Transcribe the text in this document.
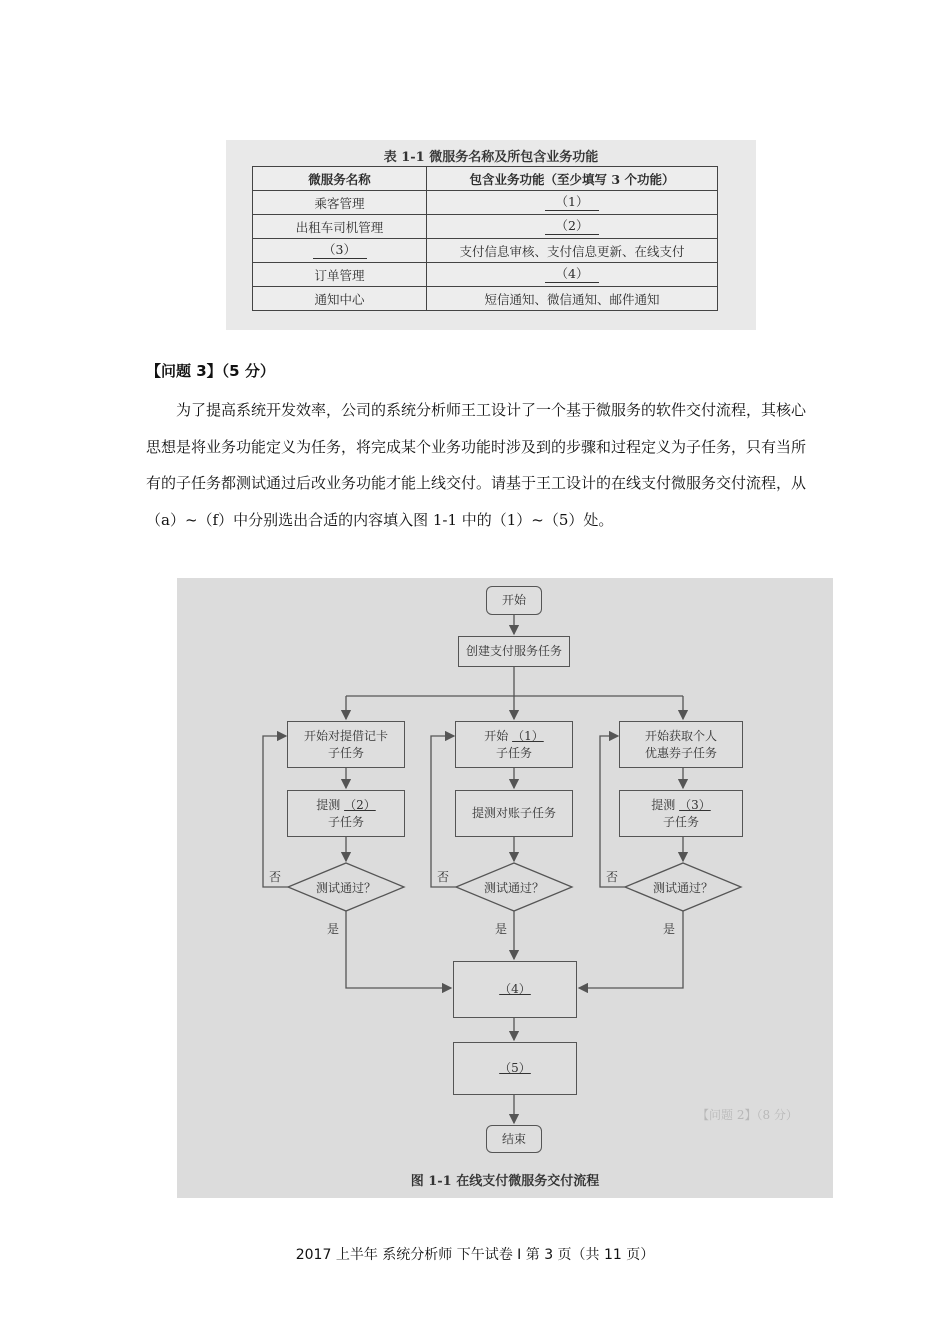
表 1-1 微服务名称及所包含业务功能
微服务名称	包含业务功能（至少填写 3 个功能）
乘客管理	（1）
出租车司机管理	（2）
（3）	支付信息审核、支付信息更新、在线支付
订单管理	（4）
通知中心	短信通知、微信通知、邮件通知
【问题 3】（5 分）

为了提高系统开发效率，公司的系统分析师王工设计了一个基于微服务的软件交付流程，其核心思想是将业务功能定义为任务，将完成某个业务功能时涉及到的步骤和过程定义为子任务，只有当所有的子任务都测试通过后改业务功能才能上线交付。请基于王工设计的在线支付微服务交付流程，从（a）~（f）中分别选出合适的内容填入图 1-1 中的（1）~（5）处。

【问题 2】（8 分）
开始
创建支付服务任务
开始对提借记卡
子任务
开始 （1）
子任务
开始获取个人
优惠券子任务
提测 （2）
子任务
提测对账子任务
提测 （3）
子任务
测试通过？	测试通过？	测试通过？
否	否	否
是	是	是
（4）
（5）
结束
图 1-1 在线支付微服务交付流程
2017 上半年 系统分析师 下午试卷 I 第 3 页（共 11 页）
